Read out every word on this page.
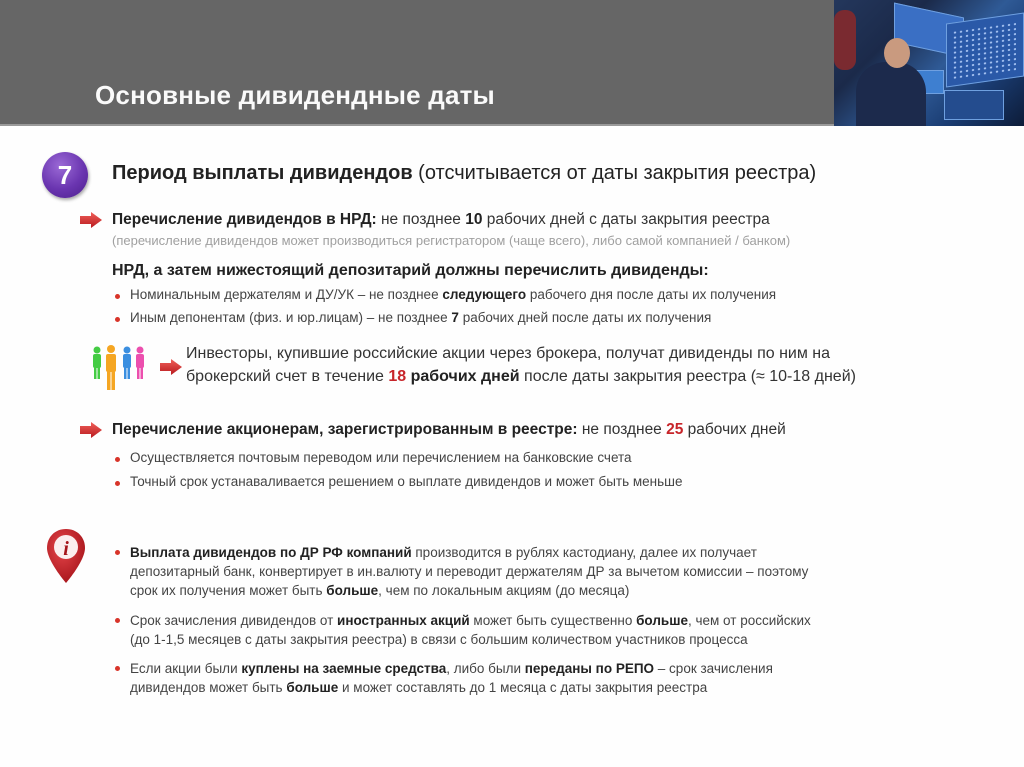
Основные дивидендные даты
7	Период выплаты дивидендов (отсчитывается от даты закрытия реестра)
Перечисление дивидендов в НРД: не позднее 10 рабочих дней с даты закрытия реестра
(перечисление дивидендов может производиться регистратором (чаще всего), либо самой компанией / банком)
НРД, а затем нижестоящий депозитарий должны перечислить дивиденды:
Номинальным держателям и ДУ/УК – не позднее следующего рабочего дня после даты их получения
Иным депонентам (физ. и юр.лицам) – не позднее 7 рабочих дней после даты их получения
Инвесторы, купившие российские акции через брокера, получат дивиденды по ним на
брокерский счет в течение 18 рабочих дней после даты закрытия реестра (≈ 10-18 дней)
Перечисление акционерам, зарегистрированным в реестре: не позднее 25 рабочих дней
Осуществляется почтовым переводом или перечислением на банковские счета
Точный срок устанаваливается решением о выплате дивидендов и может быть меньше
i	Выплата дивидендов по ДР РФ компаний производится в рублях кастодиану, далее их получает
депозитарный банк, конвертирует в ин.валюту и переводит держателям ДР за вычетом комиссии – поэтому
срок их получения может быть больше, чем по локальным акциям (до месяца)
Срок зачисления дивидендов от иностранных акций может быть существенно больше, чем от российских
(до 1-1,5 месяцев с даты закрытия реестра) в связи с большим количеством участников процесса
Если акции были куплены на заемные средства, либо были переданы по РЕПО – срок зачисления
дивидендов может быть больше и может составлять до 1 месяца с даты закрытия реестра
